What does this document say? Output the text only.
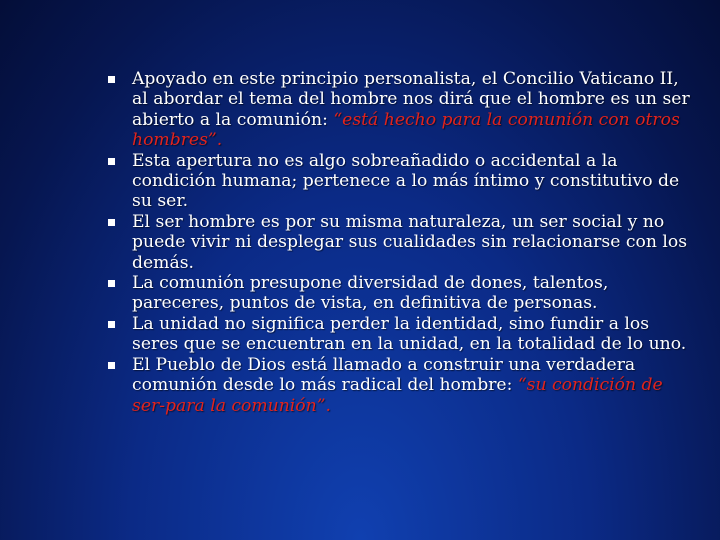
Apoyado en este principio personalista, el Concilio Vaticano II, al abordar el tema del hombre nos dirá que el hombre es un ser abierto a la comunión: “está hecho para la comunión con otros hombres”.
Esta apertura no es algo sobreañadido o accidental a la condición humana; pertenece a lo más íntimo y constitutivo de su ser.
El ser hombre es por su misma naturaleza, un ser social y no puede vivir ni desplegar sus cualidades sin relacionarse con los demás.
La comunión presupone diversidad de dones, talentos, pareceres, puntos de vista, en definitiva de personas.
La unidad no significa perder la identidad, sino fundir a los seres que se encuentran en la unidad, en la totalidad de lo uno.
El Pueblo de Dios está llamado a construir una verdadera comunión desde lo más radical del hombre: “su condición de ser-para la comunión”.
